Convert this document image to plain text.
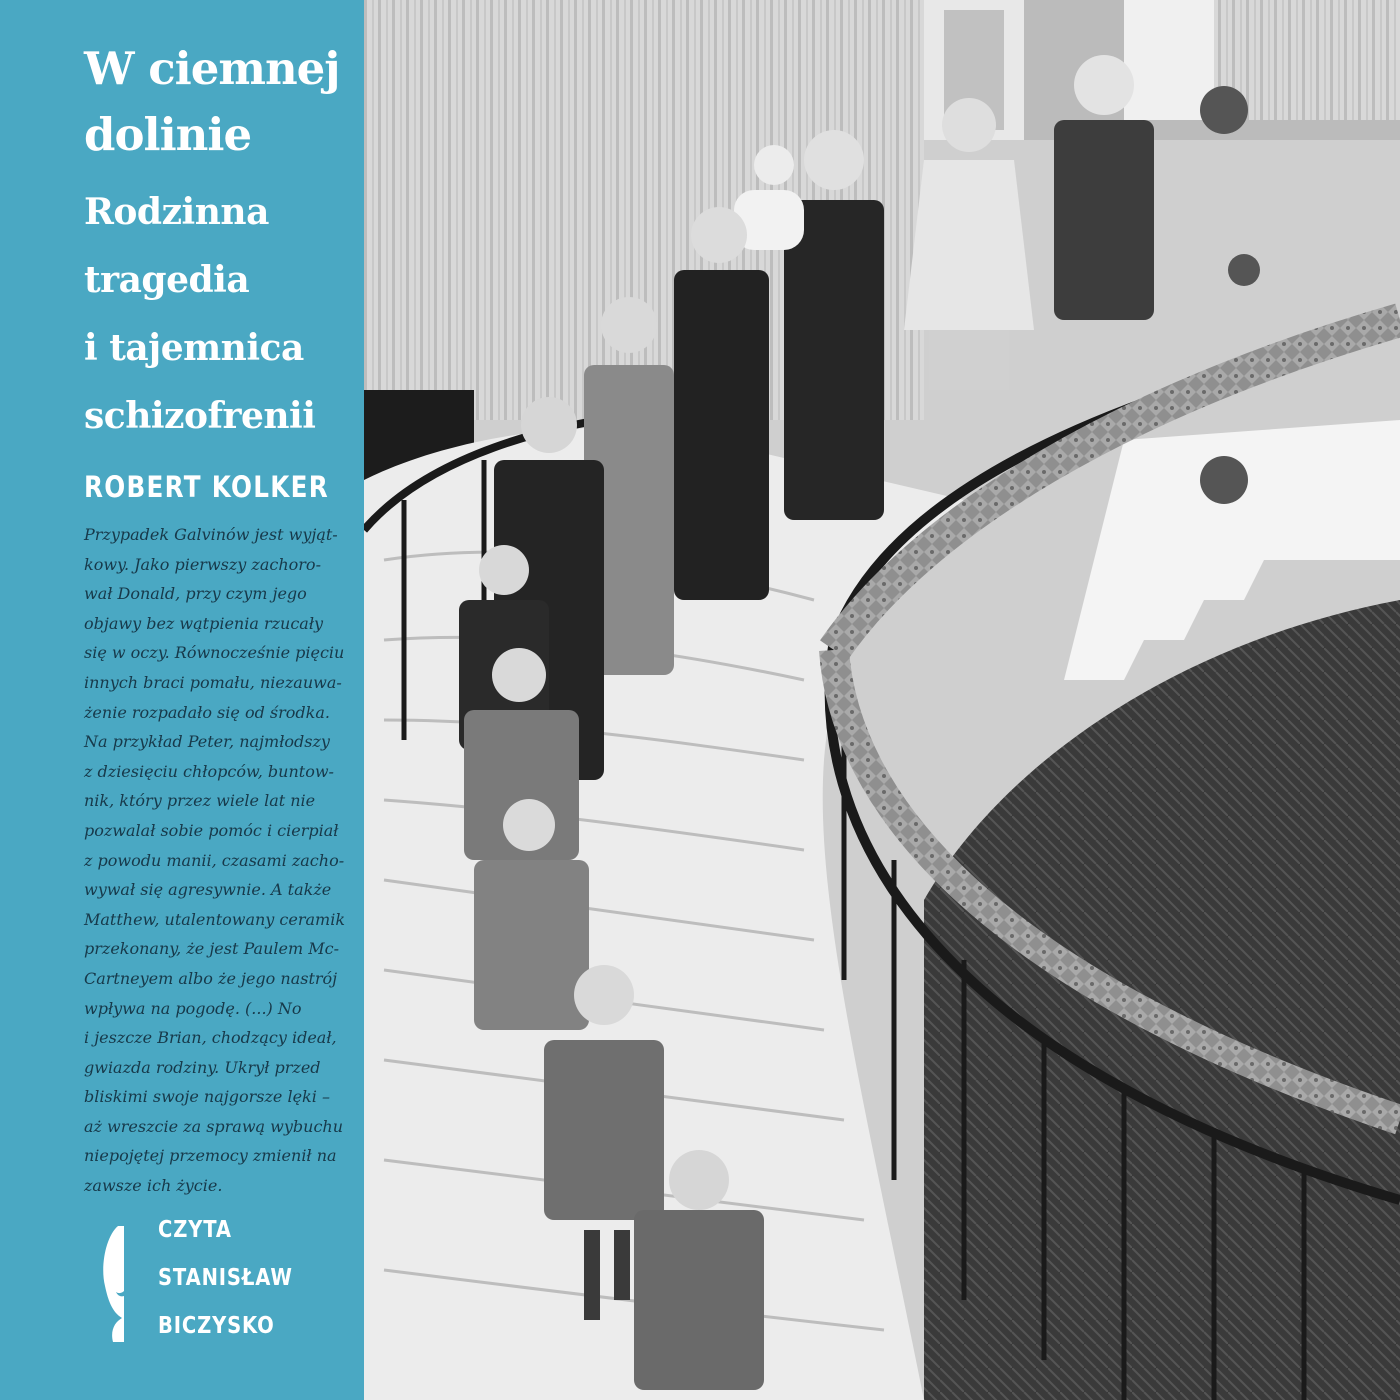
W ciemnej
dolinie
Rodzinna
tragedia
i tajemnica
schizofrenii
ROBERT KOLKER

Przypadek Galvinów jest wyjąt-
kowy. Jako pierwszy zachoro-
wał Donald, przy czym jego
objawy bez wątpienia rzucały
się w oczy. Równocześnie pięciu
innych braci pomału, niezauwa-
żenie rozpadało się od środka.
Na przykład Peter, najmłodszy
z dziesięciu chłopców, buntow-
nik, który przez wiele lat nie
pozwalał sobie pomóc i cierpiał
z powodu manii, czasami zacho-
wywał się agresywnie. A także
Matthew, utalentowany ceramik
przekonany, że jest Paulem Mc-
Cartneyem albo że jego nastrój
wpływa na pogodę. (...) No
i jeszcze Brian, chodzący ideał,
gwiazda rodziny. Ukrył przed
bliskimi swoje najgorsze lęki –
aż wreszcie za sprawą wybuchu
niepojętej przemocy zmienił na
zawsze ich życie.

CZYTA
STANISŁAW
BICZYSKO
